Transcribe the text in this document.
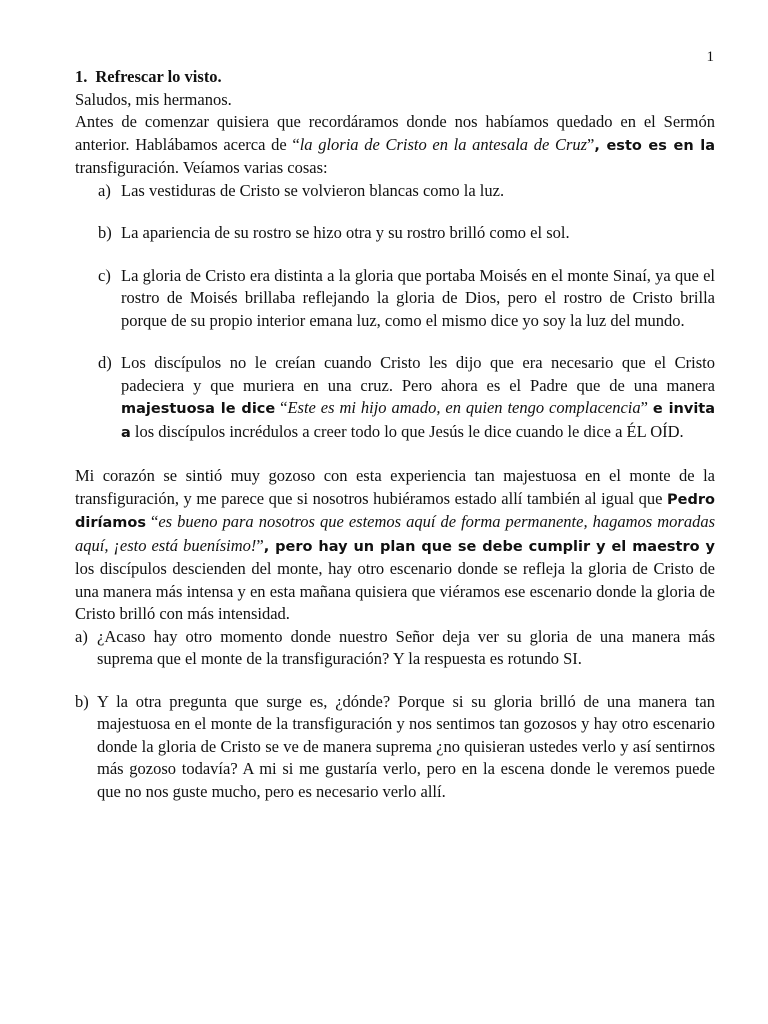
1

1. Refrescar lo visto.

Saludos, mis hermanos.

Antes de comenzar quisiera que recordáramos donde nos habíamos quedado en el Sermón anterior. Hablábamos acerca de “la gloria de Cristo en la antesala de Cruz”, esto es en la transfiguración. Veíamos varias cosas:

a) Las vestiduras de Cristo se volvieron blancas como la luz.
b) La apariencia de su rostro se hizo otra y su rostro brilló como el sol.
c) La gloria de Cristo era distinta a la gloria que portaba Moisés en el monte Sinaí, ya que el rostro de Moisés brillaba reflejando la gloria de Dios, pero el rostro de Cristo brilla porque de su propio interior emana luz, como el mismo dice yo soy la luz del mundo.
d) Los discípulos no le creían cuando Cristo les dijo que era necesario que el Cristo padeciera y que muriera en una cruz. Pero ahora es el Padre que de una manera majestuosa le dice “Este es mi hijo amado, en quien tengo complacencia” e invita a los discípulos incrédulos a creer todo lo que Jesús le dice cuando le dice a ÉL OÍD.

Mi corazón se sintió muy gozoso con esta experiencia tan majestuosa en el monte de la transfiguración, y me parece que si nosotros hubiéramos estado allí también al igual que Pedro diríamos “es bueno para nosotros que estemos aquí de forma permanente, hagamos moradas aquí, ¡esto está buenísimo!”, pero hay un plan que se debe cumplir y el maestro y los discípulos descienden del monte, hay otro escenario donde se refleja la gloria de Cristo de una manera más intensa y en esta mañana quisiera que viéramos ese escenario donde la gloria de Cristo brilló con más intensidad.

a) ¿Acaso hay otro momento donde nuestro Señor deja ver su gloria de una manera más suprema que el monte de la transfiguración? Y la respuesta es rotundo SI.
b) Y la otra pregunta que surge es, ¿dónde? Porque si su gloria brilló de una manera tan majestuosa en el monte de la transfiguración y nos sentimos tan gozosos y hay otro escenario donde la gloria de Cristo se ve de manera suprema ¿no quisieran ustedes verlo y así sentirnos más gozoso todavía? A mi si me gustaría verlo, pero en la escena donde le veremos puede que no nos guste mucho, pero es necesario verlo allí.
